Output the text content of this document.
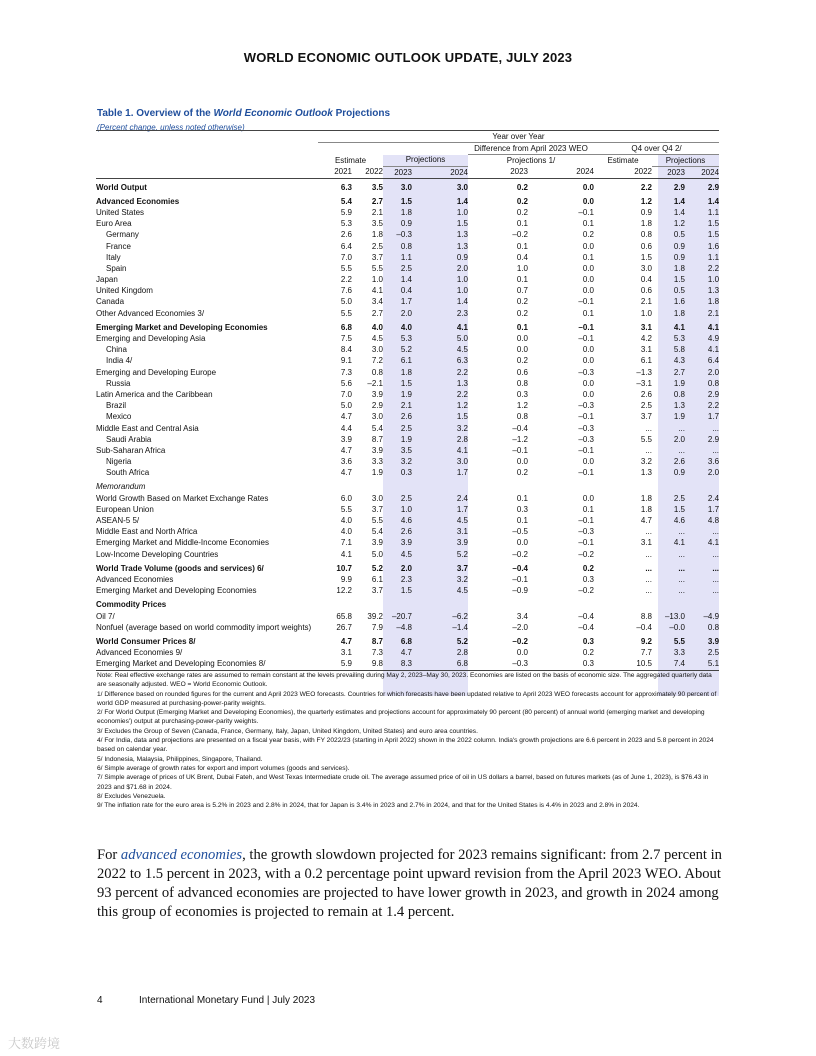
WORLD ECONOMIC OUTLOOK UPDATE, JULY 2023
Table 1. Overview of the World Economic Outlook Projections
(Percent change, unless noted otherwise)
	Year over Year								
					Difference from April 2023 WEO		Q4 over Q4 2/		
	Estimate		Projections		Projections 1/		Estimate	Projections	
	2021	2022	2023	2024	2023	2024	2022	2023	2024
World Output	6.3	3.5	3.0	3.0	0.2	0.0	2.2	2.9	2.9
Advanced Economies	5.4	2.7	1.5	1.4	0.2	0.0	1.2	1.4	1.4
United States	5.9	2.1	1.8	1.0	0.2	–0.1	0.9	1.4	1.1
Euro Area	5.3	3.5	0.9	1.5	0.1	0.1	1.8	1.2	1.5
Germany	2.6	1.8	–0.3	1.3	–0.2	0.2	0.8	0.5	1.5
France	6.4	2.5	0.8	1.3	0.1	0.0	0.6	0.9	1.6
Italy	7.0	3.7	1.1	0.9	0.4	0.1	1.5	0.9	1.1
Spain	5.5	5.5	2.5	2.0	1.0	0.0	3.0	1.8	2.2
Japan	2.2	1.0	1.4	1.0	0.1	0.0	0.4	1.5	1.0
United Kingdom	7.6	4.1	0.4	1.0	0.7	0.0	0.6	0.5	1.3
Canada	5.0	3.4	1.7	1.4	0.2	–0.1	2.1	1.6	1.8
Other Advanced Economies 3/	5.5	2.7	2.0	2.3	0.2	0.1	1.0	1.8	2.1
Emerging Market and Developing Economies	6.8	4.0	4.0	4.1	0.1	–0.1	3.1	4.1	4.1
Emerging and Developing Asia	7.5	4.5	5.3	5.0	0.0	–0.1	4.2	5.3	4.9
China	8.4	3.0	5.2	4.5	0.0	0.0	3.1	5.8	4.1
India 4/	9.1	7.2	6.1	6.3	0.2	0.0	6.1	4.3	6.4
Emerging and Developing Europe	7.3	0.8	1.8	2.2	0.6	–0.3	–1.3	2.7	2.0
Russia	5.6	–2.1	1.5	1.3	0.8	0.0	–3.1	1.9	0.8
Latin America and the Caribbean	7.0	3.9	1.9	2.2	0.3	0.0	2.6	0.8	2.9
Brazil	5.0	2.9	2.1	1.2	1.2	–0.3	2.5	1.3	2.2
Mexico	4.7	3.0	2.6	1.5	0.8	–0.1	3.7	1.9	1.7
Middle East and Central Asia	4.4	5.4	2.5	3.2	–0.4	–0.3	...	...	...
Saudi Arabia	3.9	8.7	1.9	2.8	–1.2	–0.3	5.5	2.0	2.9
Sub-Saharan Africa	4.7	3.9	3.5	4.1	–0.1	–0.1	...	...	...
Nigeria	3.6	3.3	3.2	3.0	0.0	0.0	3.2	2.6	3.6
South Africa	4.7	1.9	0.3	1.7	0.2	–0.1	1.3	0.9	2.0
Memorandum									
World Growth Based on Market Exchange Rates	6.0	3.0	2.5	2.4	0.1	0.0	1.8	2.5	2.4
European Union	5.5	3.7	1.0	1.7	0.3	0.1	1.8	1.5	1.7
ASEAN-5 5/	4.0	5.5	4.6	4.5	0.1	–0.1	4.7	4.6	4.8
Middle East and North Africa	4.0	5.4	2.6	3.1	–0.5	–0.3	...	...	...
Emerging Market and Middle-Income Economies	7.1	3.9	3.9	3.9	0.0	–0.1	3.1	4.1	4.1
Low-Income Developing Countries	4.1	5.0	4.5	5.2	–0.2	–0.2	...	...	...
World Trade Volume (goods and services) 6/	10.7	5.2	2.0	3.7	–0.4	0.2	...	...	...
Advanced Economies	9.9	6.1	2.3	3.2	–0.1	0.3	...	...	...
Emerging Market and Developing Economies	12.2	3.7	1.5	4.5	–0.9	–0.2	...	...	...
Commodity Prices									
Oil 7/	65.8	39.2	–20.7	–6.2	3.4	–0.4	8.8	–13.0	–4.9
Nonfuel (average based on world commodity import weights)	26.7	7.9	–4.8	–1.4	–2.0	–0.4	–0.4	–0.0	0.8
World Consumer Prices 8/	4.7	8.7	6.8	5.2	–0.2	0.3	9.2	5.5	3.9
Advanced Economies 9/	3.1	7.3	4.7	2.8	0.0	0.2	7.7	3.3	2.5
Emerging Market and Developing Economies 8/	5.9	9.8	8.3	6.8	–0.3	0.3	10.5	7.4	5.1
Note: Real effective exchange rates are assumed to remain constant at the levels prevailing during May 2, 2023–May 30, 2023. Economies are listed on the basis of economic size. The aggregated quarterly data are seasonally adjusted. WEO = World Economic Outlook.
1/ Difference based on rounded figures for the current and April 2023 WEO forecasts. Countries for which forecasts have been updated relative to April 2023 WEO forecasts account for approximately 90 percent of world GDP measured at purchasing-power-parity weights.
2/ For World Output (Emerging Market and Developing Economies), the quarterly estimates and projections account for approximately 90 percent (80 percent) of annual world (emerging market and developing economies') output at purchasing-power-parity weights.
3/ Excludes the Group of Seven (Canada, France, Germany, Italy, Japan, United Kingdom, United States) and euro area countries.
4/ For India, data and projections are presented on a fiscal year basis, with FY 2022/23 (starting in April 2022) shown in the 2022 column. India's growth projections are 6.6 percent in 2023 and 5.8 percent in 2024 based on calendar year.
5/ Indonesia, Malaysia, Philippines, Singapore, Thailand.
6/ Simple average of growth rates for export and import volumes (goods and services).
7/ Simple average of prices of UK Brent, Dubai Fateh, and West Texas Intermediate crude oil. The average assumed price of oil in US dollars a barrel, based on futures markets (as of June 1, 2023), is $76.43 in 2023 and $71.68 in 2024.
8/ Excludes Venezuela.
9/ The inflation rate for the euro area is 5.2% in 2023 and 2.8% in 2024, that for Japan is 3.4% in 2023 and 2.7% in 2024, and that for the United States is 4.4% in 2023 and 2.8% in 2024.
For advanced economies, the growth slowdown projected for 2023 remains significant: from 2.7 percent in 2022 to 1.5 percent in 2023, with a 0.2 percentage point upward revision from the April 2023 WEO. About 93 percent of advanced economies are projected to have lower growth in 2023, and growth in 2024 among this group of economies is projected to remain at 1.4 percent.
4	International Monetary Fund | July 2023
大数跨境
